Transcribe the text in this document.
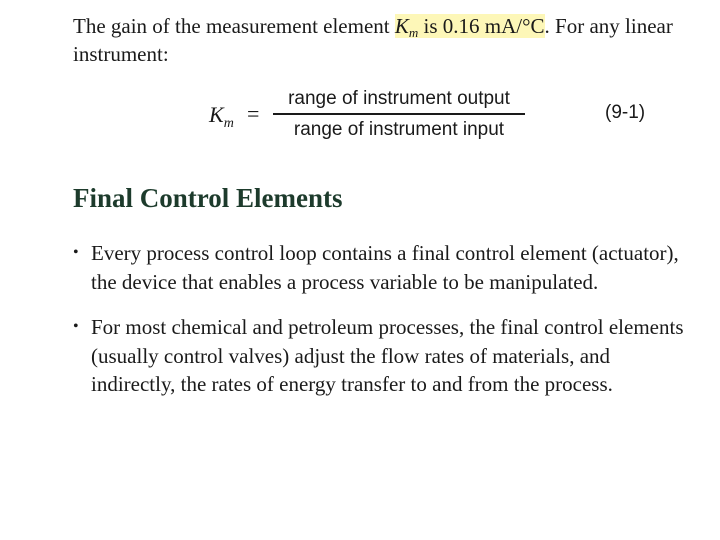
The gain of the measurement element $K_m$ is 0.16 mA/°C. For any linear instrument:

$K_m$ =
range of instrument output
range of instrument input
(9-1)
Final Control Elements
• Every process control loop contains a final control element (actuator), the device that enables a process variable to be manipulated.
• For most chemical and petroleum processes, the final control elements (usually control valves) adjust the flow rates of materials, and indirectly, the rates of energy transfer to and from the process.
